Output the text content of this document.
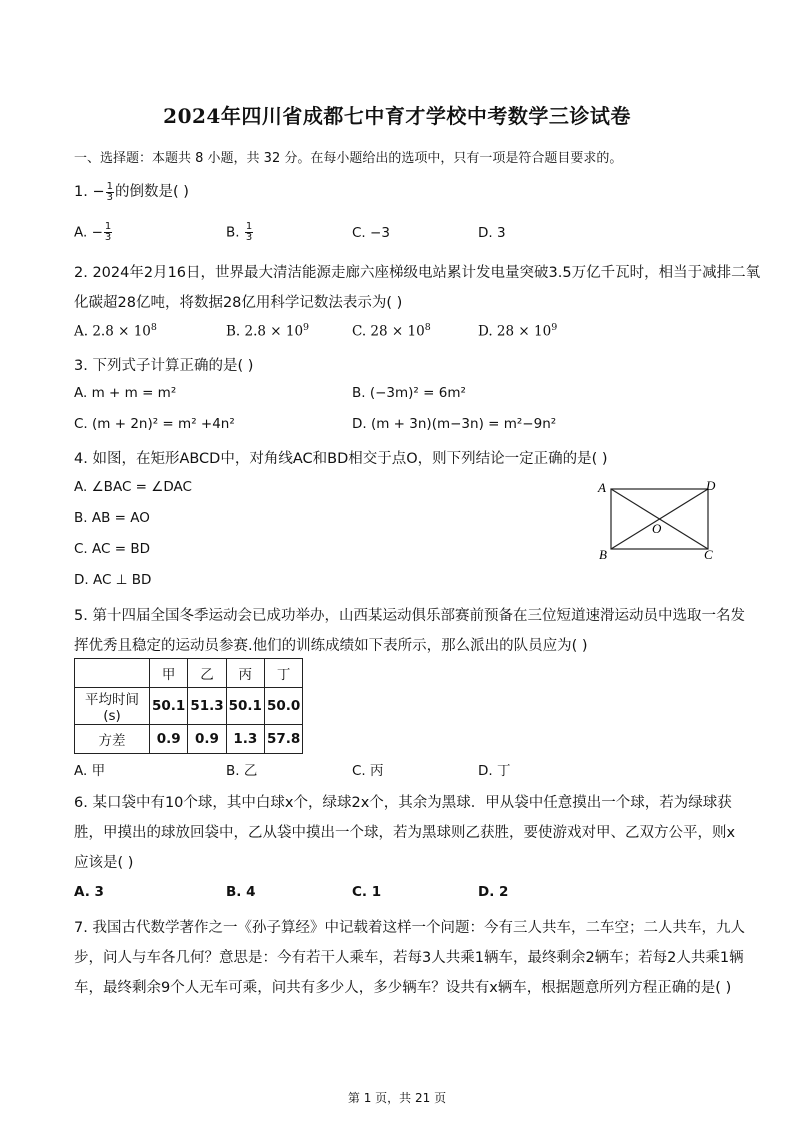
2024年四川省成都七中育才学校中考数学三诊试卷
一、选择题：本题共 8 小题，共 32 分。在每小题给出的选项中，只有一项是符合题目要求的。
1. − $\frac{1}{3}$ 的倒数是( )
A. − $\frac{1}{3}$	B. $\frac{1}{3}$	C. −3	D. 3
2. 2024年2月16日，世界最大清洁能源走廊六座梯级电站累计发电量突破3.5万亿千瓦时，相当于减排二氧
化碳超28亿吨，将数据28亿用科学记数法表示为( )
A. $2.8 \times 10^8$	B. $2.8 \times 10^9$	C. $28 \times 10^8$	D. $28 \times 10^9$
3. 下列式子计算正确的是( )
A. m + m = m²	B. (−3m)² = 6m²
C. (m + 2n)² = m² +4n²	D. (m + 3n)(m−3n) = m²−9n²
4. 如图，在矩形ABCD中，对角线AC和BD相交于点O，则下列结论一定正确的是( )
A. ∠BAC = ∠DAC
B. AB = AO
C. AC = BD
D. AC ⊥ BD
A	D
B	C
O
5. 第十四届全国冬季运动会已成功举办，山西某运动俱乐部赛前预备在三位短道速滑运动员中选取一名发
挥优秀且稳定的运动员参赛.他们的训练成绩如下表所示，那么派出的队员应为( )
	甲	乙	丙	丁
平均时间(s)	50.1	51.3	50.1	50.0
方差	0.9	0.9	1.3	57.8
A. 甲	B. 乙	C. 丙	D. 丁
6. 某口袋中有10个球，其中白球x个，绿球2x个，其余为黑球．甲从袋中任意摸出一个球，若为绿球获
胜，甲摸出的球放回袋中，乙从袋中摸出一个球，若为黑球则乙获胜，要使游戏对甲、乙双方公平，则x
应该是( )
A. 3	B. 4	C. 1	D. 2
7. 我国古代数学著作之一《孙子算经》中记载着这样一个问题：今有三人共车，二车空；二人共车，九人
步，问人与车各几何？意思是：今有若干人乘车，若每3人共乘1辆车，最终剩余2辆车；若每2人共乘1辆
车，最终剩余9个人无车可乘，问共有多少人，多少辆车？设共有x辆车，根据题意所列方程正确的是( )
第 1 页，共 21 页
